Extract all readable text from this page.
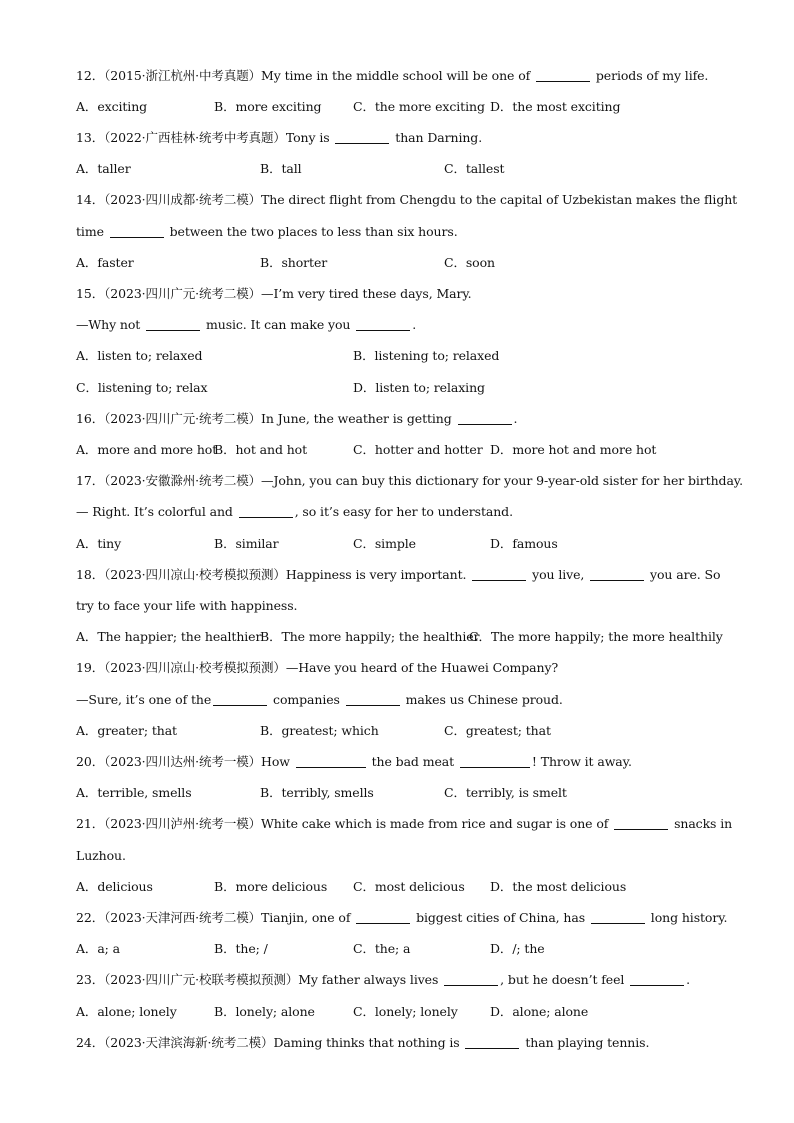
12．（2015·浙江杭州·中考真题）My time in the middle school will be one of	periods of my life.
A．exciting	B．more exciting	C．the more exciting D．the most exciting
13．（2022·广西桂林·统考中考真题）Tony is	than Darning.
A．taller	B．tall	C．tallest
14．（2023·四川成都·统考二模）The direct flight from Chengdu to the capital of Uzbekistan makes the flight
time	between the two places to less than six hours.
A．faster	B．shorter	C．soon
15．（2023·四川广元·统考二模）—I’m very tired these days, Mary.
—Why not	music. It can make you	.
A．listen to; relaxed	B．listening to; relaxed
C．listening to; relax	D．listen to; relaxing
16．（2023·四川广元·统考二模）In June, the weather is getting	.
A．more and more hot
B．hot and hot	C．hotter and hotter D．more hot and more hot
17．（2023·安徽滁州·统考二模）—John, you can buy this dictionary for your 9-year-old sister for her birthday.
— Right. It’s colorful and	, so it’s easy for her to understand.
A．tiny	B．similar	C．simple	D．famous
18．（2023·四川凉山·校考模拟预测）Happiness is very important.	you live,	you are. So
try to face your life with happiness.
A．The happier; the healthier
B．The more happily; the healthier
C．The more happily; the more healthily
19．（2023·四川凉山·校考模拟预测）—Have you heard of the Huawei Company?
—Sure, it’s one of the	companies	makes us Chinese proud.
A．greater; that	B．greatest; which	C．greatest; that
20．（2023·四川达州·统考一模）How	the bad meat	! Throw it away.
A．terrible, smells	B．terribly, smells	C．terribly, is smelt
21．（2023·四川泸州·统考一模）White cake which is made from rice and sugar is one of	snacks in
Luzhou.
A．delicious	B．more delicious C．most delicious D．the most delicious
22．（2023·天津河西·统考二模）Tianjin, one of	biggest cities of China, has	long history.
A．a; a	B．the; /	C．the; a	D．/; the
23．（2023·四川广元·校联考模拟预测）My father always lives	, but he doesn’t feel	.
A．alone; lonely	B．lonely; alone	C．lonely; lonely	D．alone; alone
24．（2023·天津滨海新·统考二模）Daming thinks that nothing is	than playing tennis.
